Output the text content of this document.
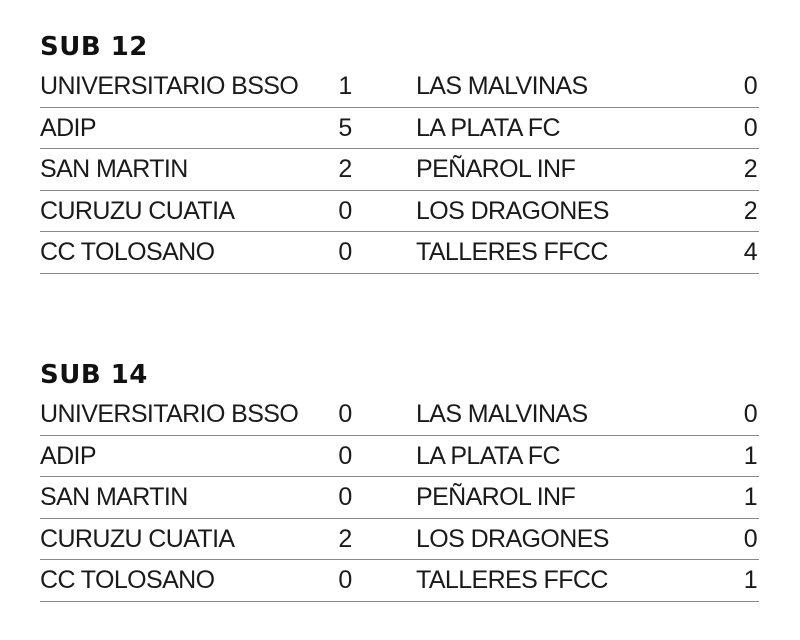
SUB 12
UNIVERSITARIO BSSO 1	LAS MALVINAS	0
ADIP	5	LA PLATA FC	0
SAN MARTIN	2	PEÑAROL INF	2
CURUZU CUATIA	0	LOS DRAGONES	2
CC TOLOSANO	0	TALLERES FFCC	4
SUB 14
UNIVERSITARIO BSSO 0	LAS MALVINAS	0
ADIP	0	LA PLATA FC	1
SAN MARTIN	0	PEÑAROL INF	1
CURUZU CUATIA	2	LOS DRAGONES	0
CC TOLOSANO	0	TALLERES FFCC	1
